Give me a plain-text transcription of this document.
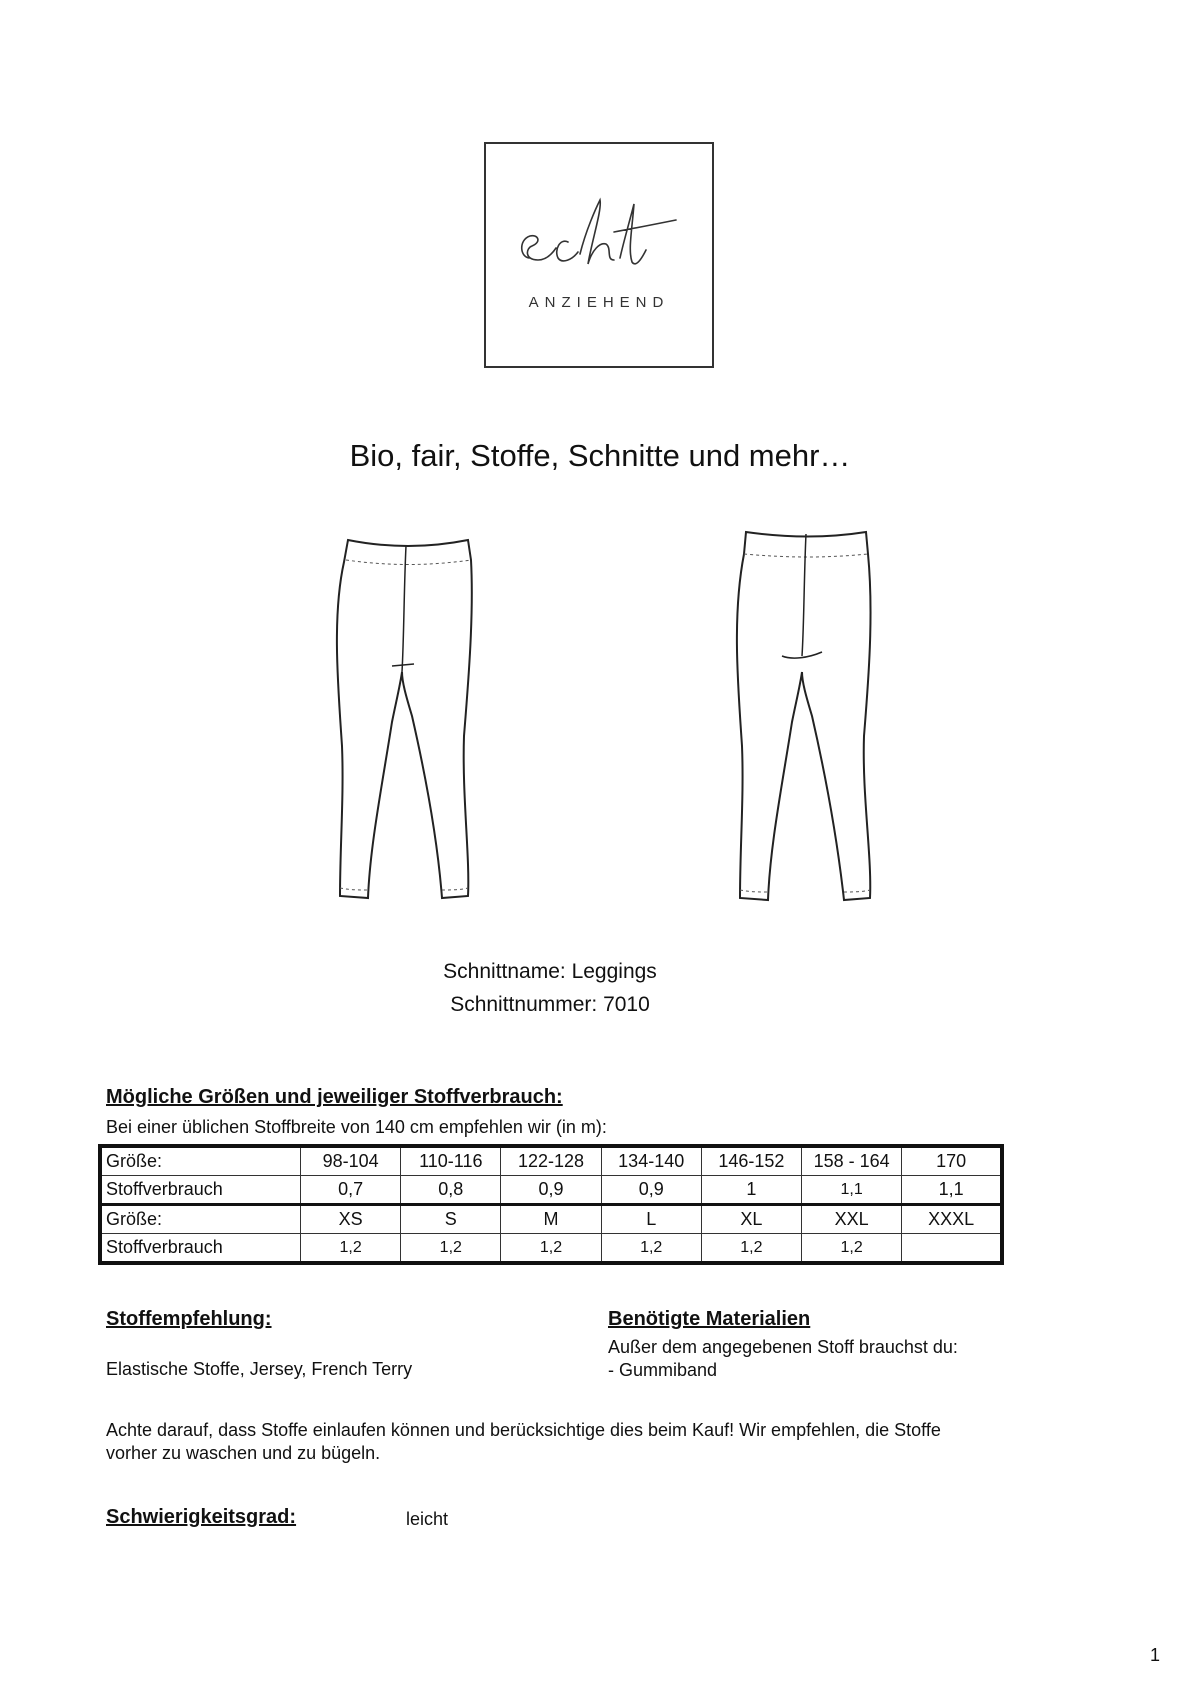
ANZIEHEND
Bio, fair, Stoffe, Schnitte und mehr…
Schnittname: Leggings
Schnittnummer: 7010
Mögliche Größen und jeweiliger Stoffverbrauch:
Bei einer üblichen Stoffbreite von 140 cm empfehlen wir (in m):
Größe:	98-104	110-116	122-128	134-140	146-152	158 - 164	170
Stoffverbrauch	0,7	0,8	0,9	0,9	1	1,1	1,1
Größe:	XS	S	M	L	XL	XXL	XXXL
Stoffverbrauch	1,2	1,2	1,2	1,2	1,2	1,2	
Stoffempfehlung:
Elastische Stoffe, Jersey, French Terry
Benötigte Materialien
Außer dem angegebenen Stoff brauchst du:
- Gummiband
Achte darauf, dass Stoffe einlaufen können und berücksichtige dies beim Kauf! Wir empfehlen, die Stoffe
vorher zu waschen und zu bügeln.
Schwierigkeitsgrad:	leicht
1
